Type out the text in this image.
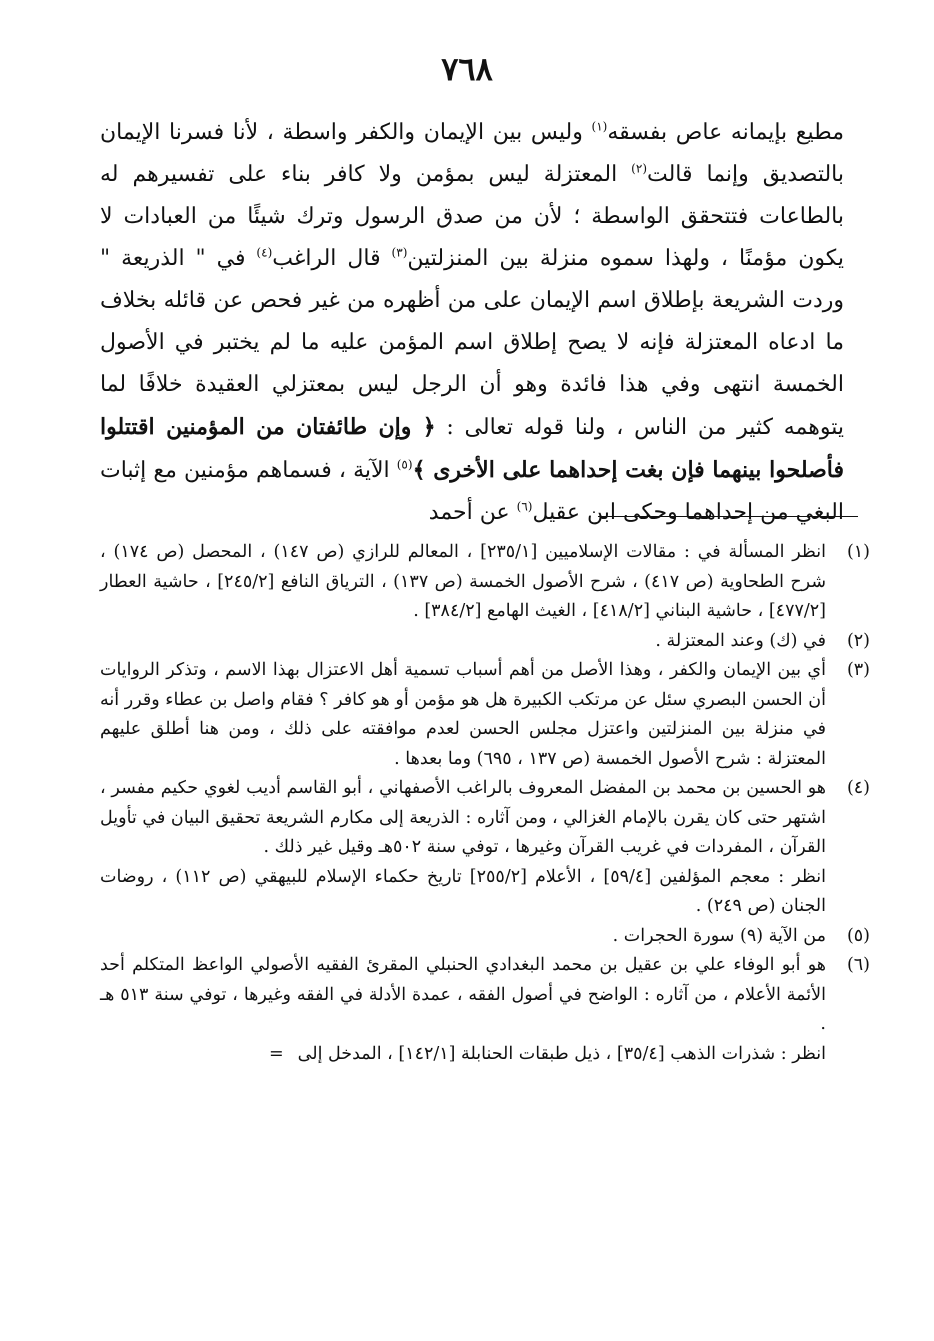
٧٦٨

مطيع بإيمانه عاص بفسقه$^{(١)}$ وليس بين الإيمان والكفر واسطة ، لأنا فسرنا الإيمان بالتصديق وإنما قالت$^{(٢)}$ المعتزلة ليس بمؤمن ولا كافر بناء على تفسيرهم له بالطاعات فتتحقق الواسطة ؛ لأن من صدق الرسول وترك شيئًا من العبادات لا يكون مؤمنًا ، ولهذا سموه منزلة بين المنزلتين$^{(٣)}$ قال الراغب$^{(٤)}$ في " الذريعة " وردت الشريعة بإطلاق اسم الإيمان على من أظهره من غير فحص عن قائله بخلاف ما ادعاه المعتزلة فإنه لا يصح إطلاق اسم المؤمن عليه ما لم يختبر في الأصول الخمسة انتهى وفي هذا فائدة وهو أن الرجل ليس بمعتزلي العقيدة خلافًا لما يتوهمه كثير من الناس ، ولنا قوله تعالى : ﴿ وإن طائفتان من المؤمنين اقتتلوا فأصلحوا بينهما فإن بغت إحداهما على الأخرى ﴾$^{(٥)}$ الآية ، فسماهم مؤمنين مع إثبات البغي من إحداهما وحكى ابن عقيل$^{(٦)}$ عن أحمد

(١)

انظر المسألة في : مقالات الإسلاميين [٢٣٥/١] ، المعالم للرازي (ص ١٤٧) ، المحصل (ص ١٧٤) ، شرح الطحاوية (ص ٤١٧) ، شرح الأصول الخمسة (ص ١٣٧) ، الترياق النافع [٢٤٥/٢] ، حاشية العطار [٤٧٧/٢] ، حاشية البناني [٤١٨/٢] ، الغيث الهامع [٣٨٤/٢] .

(٢)

في (ك) وعند المعتزلة .

(٣)

أي بين الإيمان والكفر ، وهذا الأصل من أهم أسباب تسمية أهل الاعتزال بهذا الاسم ، وتذكر الروايات أن الحسن البصري سئل عن مرتكب الكبيرة هل هو مؤمن أو هو كافر ؟ فقام واصل بن عطاء وقرر أنه في منزلة بين المنزلتين واعتزل مجلس الحسن لعدم موافقته على ذلك ، ومن هنا أطلق عليهم المعتزلة : شرح الأصول الخمسة (ص ١٣٧ ، ٦٩٥) وما بعدها .

(٤)

هو الحسين بن محمد بن المفضل المعروف بالراغب الأصفهاني ، أبو القاسم أديب لغوي حكيم مفسر ، اشتهر حتى كان يقرن بالإمام الغزالي ، ومن آثاره : الذريعة إلى مكارم الشريعة تحقيق البيان في تأويل القرآن ، المفردات في غريب القرآن وغيرها ، توفي سنة ٥٠٢هـ وقيل غير ذلك .

انظر : معجم المؤلفين [٥٩/٤] ، الأعلام [٢٥٥/٢] تاريخ حكماء الإسلام للبيهقي (ص ١١٢) ، روضات الجنان (ص ٢٤٩) .

(٥)

من الآية (٩) سورة الحجرات .

(٦)

هو أبو الوفاء علي بن عقيل بن محمد البغدادي الحنبلي المقرئ الفقيه الأصولي الواعظ المتكلم أحد الأئمة الأعلام ، من آثاره : الواضح في أصول الفقه ، عمدة الأدلة في الفقه وغيرها ، توفي سنة ٥١٣ هـ .

انظر : شذرات الذهب [٣٥/٤] ، ذيل طبقات الحنابلة [١٤٢/١] ، المدخل إلى=
